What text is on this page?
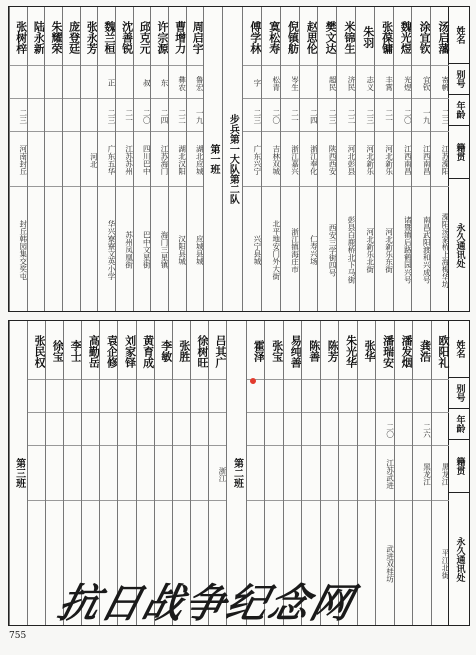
姓名
别号
年龄
籍贯
永久通讯处
汤启藩
寄帆
二三
江苏溧阳
溧阳汤家桥上海梅华坊
涂宜钦
宜钦
一九
江西南昌
南昌武阳渡和兴成号
魏光煜
光煜
二〇
江西南昌
诸暨镇后路鹤园兴号
张葆镛
丰霄
二一
河北新乐
河北新乐东街
朱羽
志义
二三
河北新乐
河北新乐北街
米锦生
济民
二二
河北彭县
彭县白鹿桥北下马街
樊文达
超民
二三
陕西西安
西安三学街四号
赵思伦
二四
浙江奉化
仁寿兴场
倪镇舫
岑生
二一
浙江嘉兴
浙江镇海庄市
寞松寿
松青
二〇
吉林双城
北平地安门外大街
傅学林
字
二三
广东兴宁
兴宁县城
步兵第一大队第二队
第一班
周启宇
鲁宏
一九
湖北应城
应城县城
曹增力
彝农
二二
湖北汉阳
汉阳县城
许宗源
东
二四
江苏海门
海门三星镇
邱克元
叔
二〇
四川巴中
巴中文星街
沈善锐
二一
江苏苏州
苏州凤凰街
魏兰桓
正
二三
广东五华
华兴寮寮文英小学
张永芳
河北
庞登廷
朱耀荣
陆永新
张树梓
二三
河南封丘
封丘韩园集交奖屯
姓名
别号
年龄
籍贯
永久通讯处
欧阳礼
黑龙江
平江北街
龚浩
二六
黑龙江
潘发烟
潘瑞安
二〇
江苏武进
武进双桂坊
张华
朱光华
陈芳
陈善
易纯善
张宝
霍泽
第二班
吕其广
浙江
徐树旺
张胜
李敏
黄育成
刘家铎
袁企修
高勤岳
李士
徐宝
张民权
第三班
抗日战争纪念网
755
